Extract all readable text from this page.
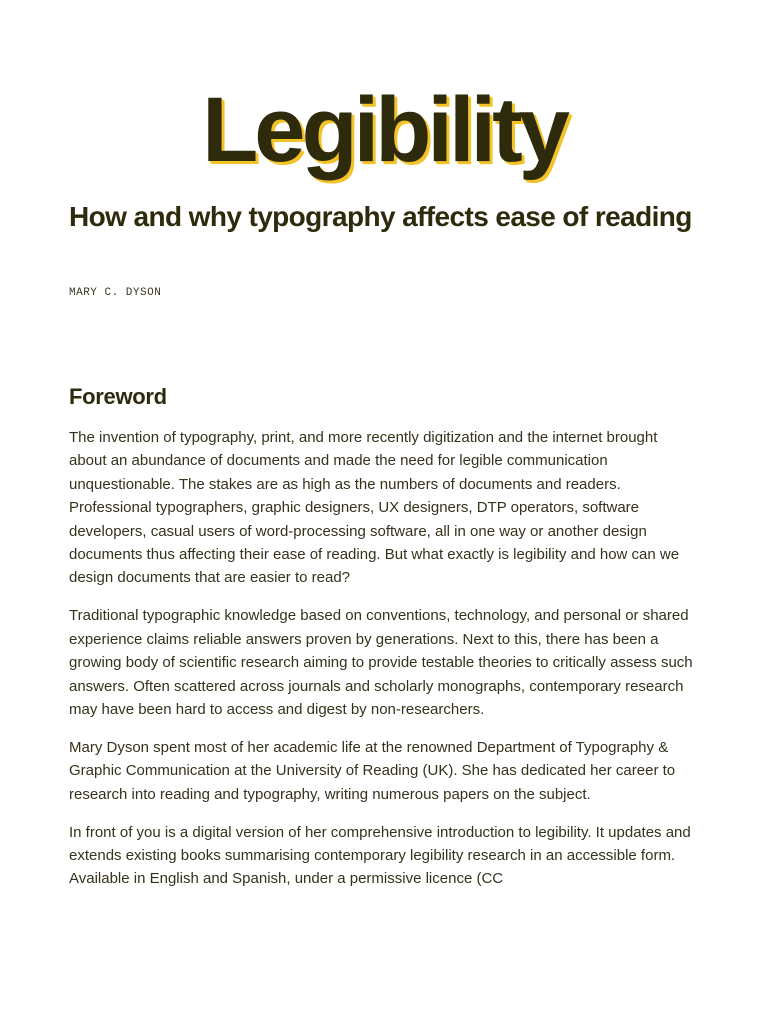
Legibility
How and why typography affects ease of reading

MARY C. DYSON

Foreword

The invention of typography, print, and more recently digitization and the internet brought about an abundance of documents and made the need for legible communication unquestionable. The stakes are as high as the numbers of documents and readers. Professional typographers, graphic designers, UX designers, DTP operators, software developers, casual users of word-processing software, all in one way or another design documents thus affecting their ease of reading. But what exactly is legibility and how can we design documents that are easier to read?

Traditional typographic knowledge based on conventions, technology, and personal or shared experience claims reliable answers proven by generations. Next to this, there has been a growing body of scientific research aiming to provide testable theories to critically assess such answers. Often scattered across journals and scholarly monographs, contemporary research may have been hard to access and digest by non-researchers.

Mary Dyson spent most of her academic life at the renowned Department of Typography & Graphic Communication at the University of Reading (UK). She has dedicated her career to research into reading and typography, writing numerous papers on the subject.

In front of you is a digital version of her comprehensive introduction to legibility. It updates and extends existing books summarising contemporary legibility research in an accessible form. Available in English and Spanish, under a permissive licence (CC
